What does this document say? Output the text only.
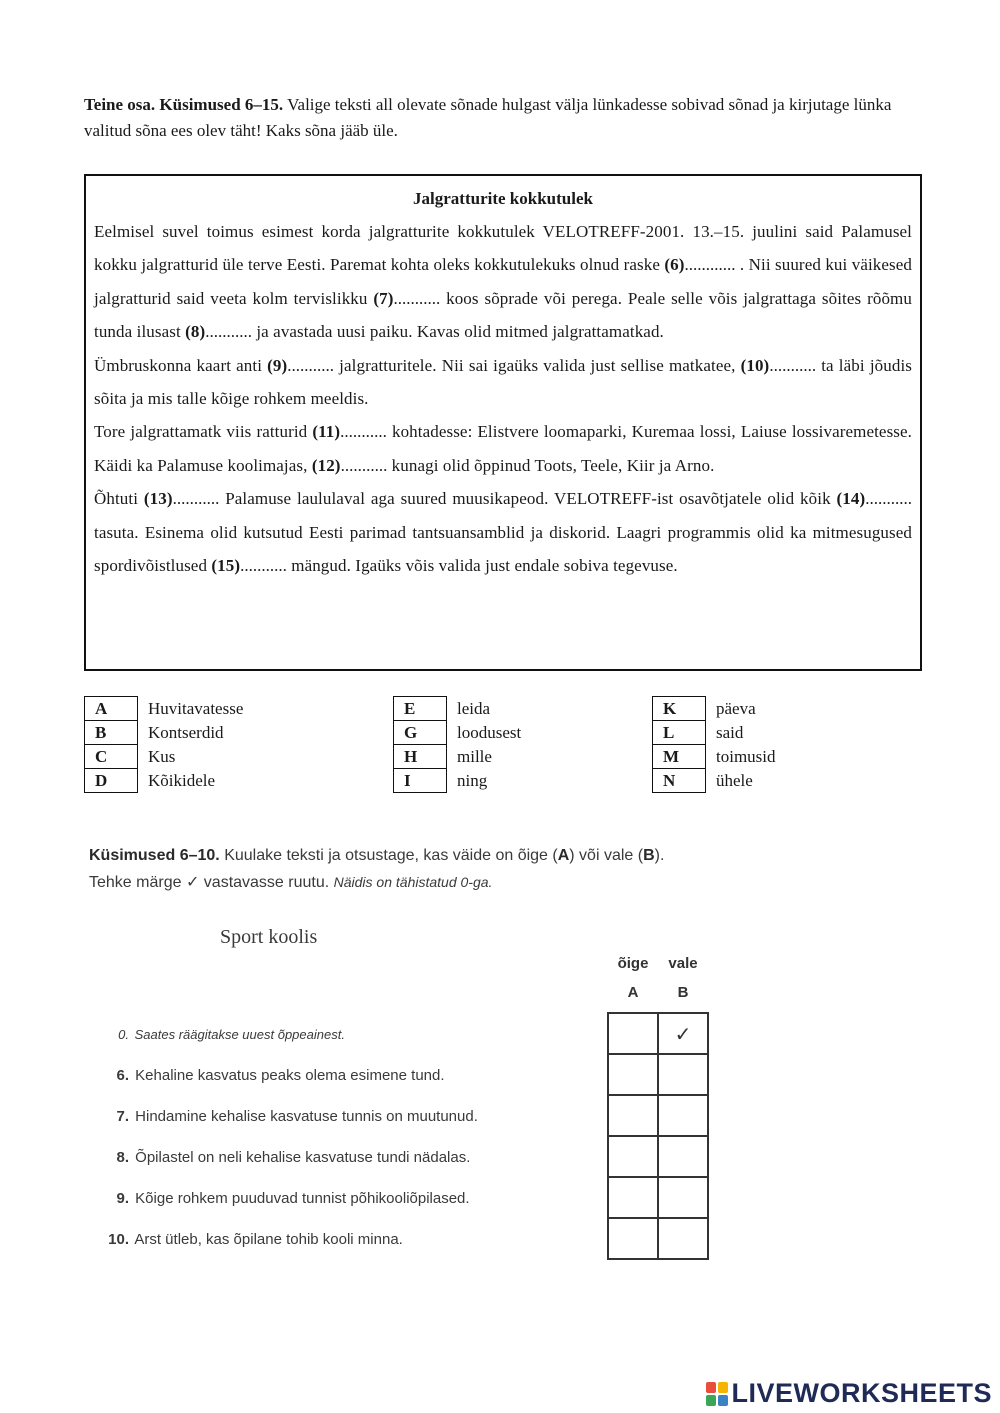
Teine osa. Küsimused 6–15. Valige teksti all olevate sõnade hulgast välja lünkadesse sobivad sõnad ja kirjutage lünka valitud sõna ees olev täht! Kaks sõna jääb üle.
Jalgratturite kokkutulek
Eelmisel suvel toimus esimest korda jalgratturite kokkutulek VELOTREFF-2001. 13.–15. juulini said Palamusel kokku jalgratturid üle terve Eesti. Paremat kohta oleks kokkutulekuks olnud raske (6)............ . Nii suured kui väikesed jalgratturid said veeta kolm tervislikku (7)........... koos sõprade või perega. Peale selle võis jalgrattaga sõites rõõmu tunda ilusast (8)........... ja avastada uusi paiku. Kavas olid mitmed jalgrattamatkad.
Ümbruskonna kaart anti (9)........... jalgratturitele. Nii sai igaüks valida just sellise matkatee, (10)........... ta läbi jõudis sõita ja mis talle kõige rohkem meeldis.
Tore jalgrattamatk viis ratturid (11)........... kohtadesse: Elistvere loomaparki, Kuremaa lossi, Laiuse lossivaremetesse. Käidi ka Palamuse koolimajas, (12)........... kunagi olid õppinud Toots, Teele, Kiir ja Arno.
Õhtuti (13)........... Palamuse laululaval aga suured muusikapeod. VELOTREFF-ist osavõtjatele olid kõik (14)........... tasuta. Esinema olid kutsutud Eesti parimad tantsuansamblid ja diskorid. Laagri programmis olid ka mitmesugused spordivõistlused (15)........... mängud. Igaüks võis valida just endale sobiva tegevuse.
A	Huvitavatesse
B	Kontserdid
C	Kus
D	Kõikidele
E	leida
G	loodusest
H	mille
I	ning
K	päeva
L	said
M	toimusid
N	ühele
Küsimused 6–10. Kuulake teksti ja otsustage, kas väide on õige (A) või vale (B).
Tehke märge ✓ vastavasse ruutu. Näidis on tähistatud 0-ga.
Sport koolis
õige	vale
A	B
0. Saates räägitakse uuest õppeainest.
6. Kehaline kasvatus peaks olema esimene tund.
7. Hindamine kehalise kasvatuse tunnis on muutunud.
8. Õpilastel on neli kehalise kasvatuse tundi nädalas.
9. Kõige rohkem puuduvad tunnist põhikooliõpilased.
10. Arst ütleb, kas õpilane tohib kooli minna.
	✓

LIVEWORKSHEETS
